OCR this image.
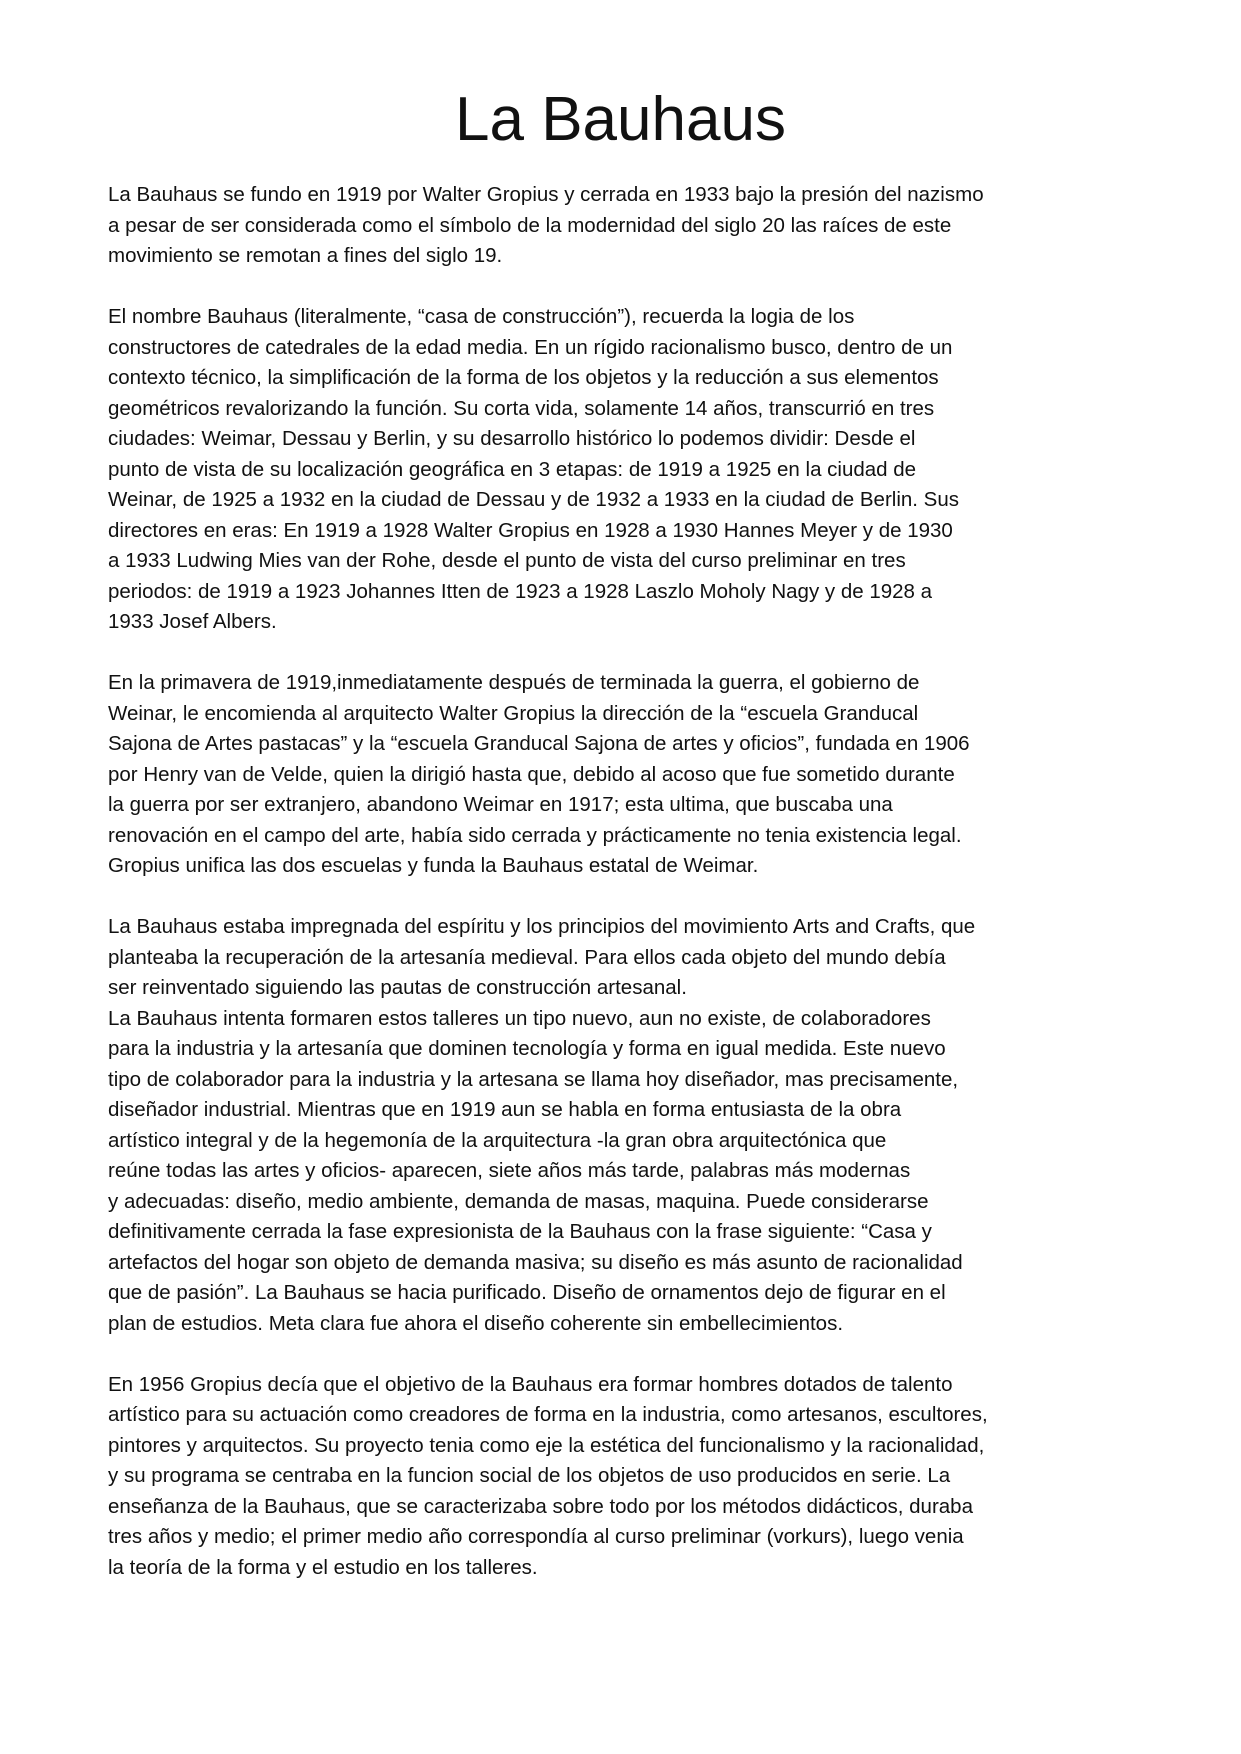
La Bauhaus
La Bauhaus se fundo en 1919 por Walter Gropius y cerrada en 1933 bajo la presión del nazismo
a pesar de ser considerada como el símbolo de la modernidad del siglo 20 las raíces de este
movimiento se remotan a fines del siglo 19.
El nombre Bauhaus (literalmente, “casa de construcción”), recuerda la logia de los
constructores de catedrales de la edad media. En un rígido racionalismo busco, dentro de un
contexto técnico, la simplificación de la forma de los objetos y la reducción a sus elementos
geométricos revalorizando la función. Su corta vida, solamente 14 años, transcurrió en tres
ciudades: Weimar, Dessau y Berlin, y su desarrollo histórico lo podemos dividir: Desde el
punto de vista de su localización geográfica en 3 etapas: de 1919 a 1925 en la ciudad de
Weinar, de 1925 a 1932 en la ciudad de Dessau y de 1932 a 1933 en la ciudad de Berlin. Sus
directores en eras: En 1919 a 1928 Walter Gropius en 1928 a 1930 Hannes Meyer y de 1930
a 1933 Ludwing Mies van der Rohe, desde el punto de vista del curso preliminar en tres
periodos: de 1919 a 1923 Johannes Itten de 1923 a 1928 Laszlo Moholy Nagy y de 1928 a
1933 Josef Albers.
En la primavera de 1919,inmediatamente después de terminada la guerra, el gobierno de
Weinar, le encomienda al arquitecto Walter Gropius la dirección de la “escuela Granducal
Sajona de Artes pastacas” y la “escuela Granducal Sajona de artes y oficios”, fundada en 1906
por Henry van de Velde, quien la dirigió hasta que, debido al acoso que fue sometido durante
la guerra por ser extranjero, abandono Weimar en 1917; esta ultima, que buscaba una
renovación en el campo del arte, había sido cerrada y prácticamente no tenia existencia legal.
Gropius unifica las dos escuelas y funda la Bauhaus estatal de Weimar.
La Bauhaus estaba impregnada del espíritu y los principios del movimiento Arts and Crafts, que
planteaba la recuperación de la artesanía medieval. Para ellos cada objeto del mundo debía
ser reinventado siguiendo las pautas de construcción artesanal.
La Bauhaus intenta formaren estos talleres un tipo nuevo, aun no existe, de colaboradores
para la industria y la artesanía que dominen tecnología y forma en igual medida. Este nuevo
tipo de colaborador para la industria y la artesana se llama hoy diseñador, mas precisamente,
diseñador industrial. Mientras que en 1919 aun se habla en forma entusiasta de la obra
artístico integral y de la hegemonía de la arquitectura -la gran obra arquitectónica que
reúne todas las artes y oficios- aparecen, siete años más tarde, palabras más modernas
y adecuadas: diseño, medio ambiente, demanda de masas, maquina. Puede considerarse
definitivamente cerrada la fase expresionista de la Bauhaus con la frase siguiente: “Casa y
artefactos del hogar son objeto de demanda masiva; su diseño es más asunto de racionalidad
que de pasión”. La Bauhaus se hacia purificado. Diseño de ornamentos dejo de figurar en el
plan de estudios. Meta clara fue ahora el diseño coherente sin embellecimientos.
En 1956 Gropius decía que el objetivo de la Bauhaus era formar hombres dotados de talento
artístico para su actuación como creadores de forma en la industria, como artesanos, escultores,
pintores y arquitectos. Su proyecto tenia como eje la estética del funcionalismo y la racionalidad,
y su programa se centraba en la funcion social de los objetos de uso producidos en serie. La
enseñanza de la Bauhaus, que se caracterizaba sobre todo por los métodos didácticos, duraba
tres años y medio; el primer medio año correspondía al curso preliminar (vorkurs), luego venia
la teoría de la forma y el estudio en los talleres.
